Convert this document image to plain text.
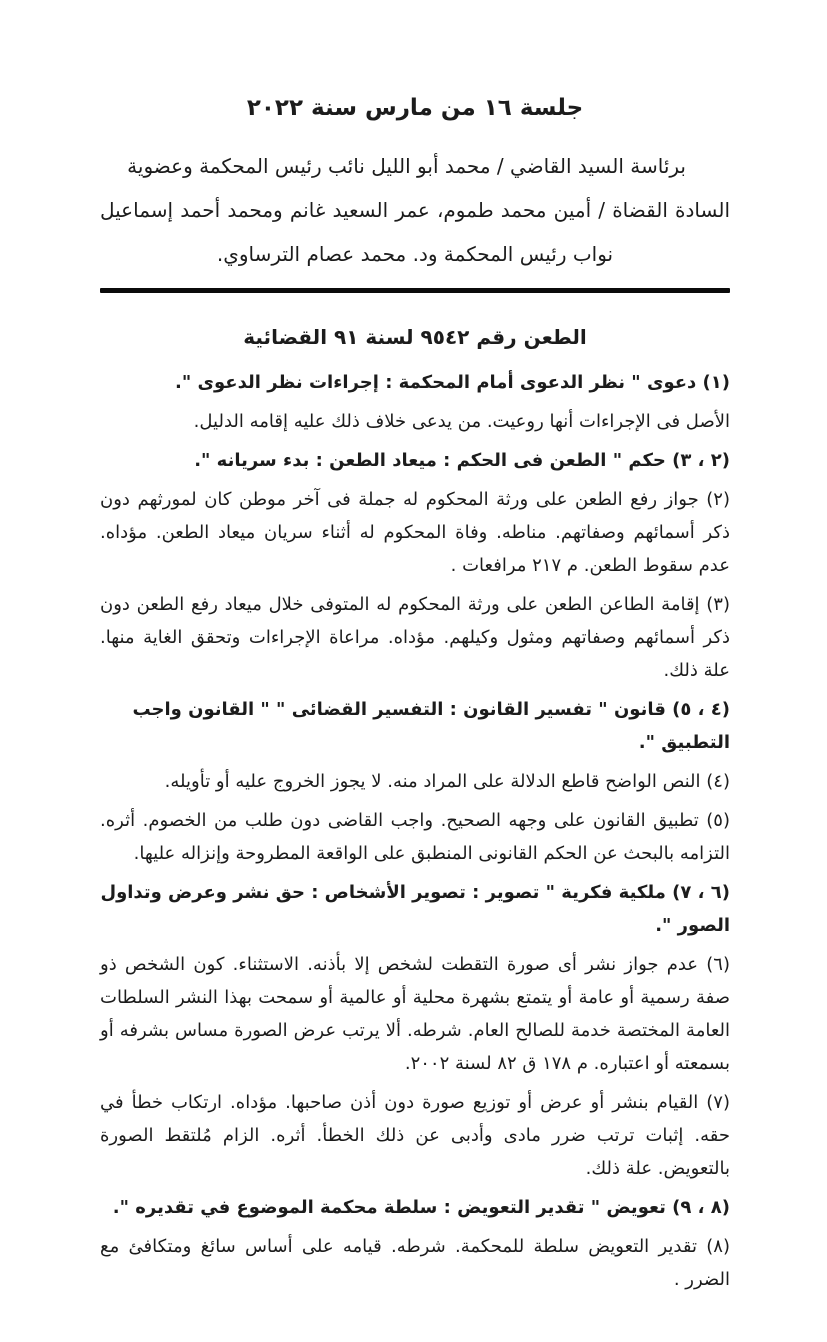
جلسة ١٦ من مارس سنة ٢٠٢٢
برئاسة السيد القاضي / محمد أبو الليل نائب رئيس المحكمة وعضوية
السادة القضاة / أمين محمد طموم، عمر السعيد غانم ومحمد أحمد إسماعيل
نواب رئيس المحكمة ود. محمد عصام الترساوي.
الطعن رقم ٩٥٤٢ لسنة ٩١ القضائية

(١) دعوى " نظر الدعوى أمام المحكمة : إجراءات نظر الدعوى ".

الأصل فى الإجراءات أنها روعيت. من يدعى خلاف ذلك عليه إقامه الدليل.

(٢ ، ٣) حكم " الطعن فى الحكم : ميعاد الطعن : بدء سريانه ".

(٢) جواز رفع الطعن على ورثة المحكوم له جملة فى آخر موطن كان لمورثهم دون ذكر أسمائهم وصفاتهم. مناطه. وفاة المحكوم له أثناء سريان ميعاد الطعن. مؤداه. عدم سقوط الطعن. م ٢١٧ مرافعات .

(٣) إقامة الطاعن الطعن على ورثة المحكوم له المتوفى خلال ميعاد رفع الطعن دون ذكر أسمائهم وصفاتهم ومثول وكيلهم. مؤداه. مراعاة الإجراءات وتحقق الغاية منها. علة ذلك.

(٤ ، ٥) قانون " تفسير القانون : التفسير القضائى " " القانون واجب التطبيق ".

(٤) النص الواضح قاطع الدلالة على المراد منه. لا يجوز الخروج عليه أو تأويله.

(٥) تطبيق القانون على وجهه الصحيح. واجب القاضى دون طلب من الخصوم. أثره. التزامه بالبحث عن الحكم القانونى المنطبق على الواقعة المطروحة وإنزاله عليها.

(٦ ، ٧) ملكية فكرية " تصوير : تصوير الأشخاص : حق نشر وعرض وتداول الصور ".

(٦) عدم جواز نشر أى صورة التقطت لشخص إلا بأذنه. الاستثناء. كون الشخص ذو صفة رسمية أو عامة أو يتمتع بشهرة محلية أو عالمية أو سمحت بهذا النشر السلطات العامة المختصة خدمة للصالح العام. شرطه. ألا يرتب عرض الصورة مساس بشرفه أو بسمعته أو اعتباره. م ١٧٨ ق ٨٢ لسنة ٢٠٠٢.

(٧) القيام بنشر أو عرض أو توزيع صورة دون أذن صاحبها. مؤداه. ارتكاب خطأ في حقه. إثبات ترتب ضرر مادى وأدبى عن ذلك الخطأ. أثره. الزام مُلتقط الصورة بالتعويض. علة ذلك.

(٨ ، ٩) تعويض " تقدير التعويض : سلطة محكمة الموضوع في تقديره ".

(٨) تقدير التعويض سلطة للمحكمة. شرطه. قيامه على أساس سائغ ومتكافئ مع الضرر .
